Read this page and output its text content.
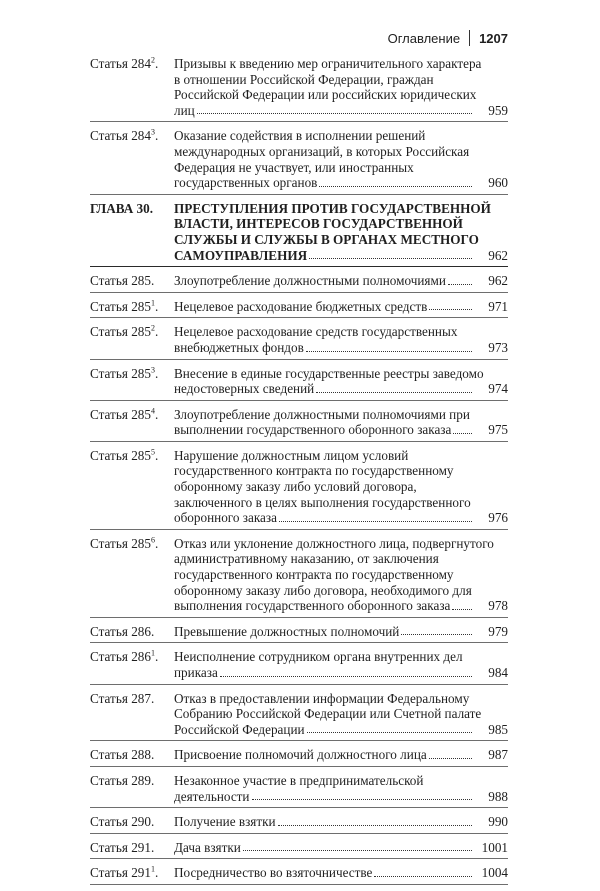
Оглавление 1207
Статья $284^2$.	Призывы к введению мер ограничительного характера
в отношении Российской Федерации, граждан
Российской Федерации или российских юридических
лиц	959
Статья $284^3$.	Оказание содействия в исполнении решений
международных организаций, в которых Российская
Федерация не участвует, или иностранных
государственных органов	960
ГЛАВА 30.	ПРЕСТУПЛЕНИЯ ПРОТИВ ГОСУДАРСТВЕННОЙ
ВЛАСТИ, ИНТЕРЕСОВ ГОСУДАРСТВЕННОЙ
СЛУЖБЫ И СЛУЖБЫ В ОРГАНАХ МЕСТНОГО
САМОУПРАВЛЕНИЯ	962
Статья 285.	Злоупотребление должностными полномочиями	962
Статья $285^1$.	Нецелевое расходование бюджетных средств	971
Статья $285^2$.	Нецелевое расходование средств государственных
внебюджетных фондов	973
Статья $285^3$.	Внесение в единые государственные реестры заведомо
недостоверных сведений	974
Статья $285^4$.	Злоупотребление должностными полномочиями при
выполнении государственного оборонного заказа	975
Статья $285^5$.	Нарушение должностным лицом условий
государственного контракта по государственному
оборонному заказу либо условий договора,
заключенного в целях выполнения государственного
оборонного заказа	976
Статья $285^6$.	Отказ или уклонение должностного лица, подвергнутого
административному наказанию, от заключения
государственного контракта по государственному
оборонному заказу либо договора, необходимого для
выполнения государственного оборонного заказа	978
Статья 286.	Превышение должностных полномочий	979
Статья $286^1$.	Неисполнение сотрудником органа внутренних дел
приказа	984
Статья 287.	Отказ в предоставлении информации Федеральному
Собранию Российской Федерации или Счетной палате
Российской Федерации	985
Статья 288.	Присвоение полномочий должностного лица	987
Статья 289.	Незаконное участие в предпринимательской
деятельности	988
Статья 290.	Получение взятки	990
Статья 291.	Дача взятки	1001
Статья $291^1$.	Посредничество во взяточничестве	1004
